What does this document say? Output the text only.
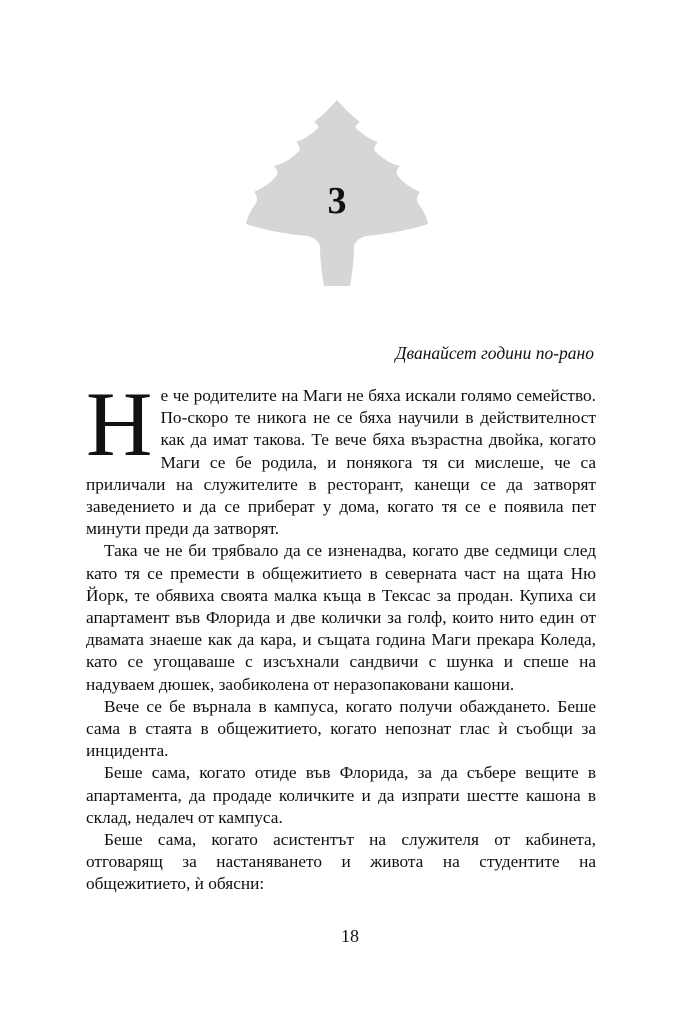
3
Дванайсет години по-рано

Не че родителите на Маги не бяха искали голямо семейство. По-скоро те никога не се бяха научили в действителност как да имат такова. Те вече бяха възрастна двойка, когато Маги се бе родила, и понякога тя си мислеше, че са приличали на служителите в ресторант, канещи се да затворят заведението и да се приберат у дома, когато тя се е появила пет минути преди да затворят.

Така че не би трябвало да се изненадва, когато две седмици след като тя се премести в общежитието в северната част на щата Ню Йорк, те обявиха своята малка къща в Тексас за продан. Купиха си апартамент във Флорида и две колички за голф, които нито един от двамата знаеше как да кара, и същата година Маги прекара Коледа, като се угощаваше с изсъхнали сандвичи с шунка и спеше на надуваем дюшек, заобиколена от неразопаковани кашони.

Вече се бе върнала в кампуса, когато получи обаждането. Беше сама в стаята в общежитието, когато непознат глас ѝ съобщи за инцидента.

Беше сама, когато отиде във Флорида, за да събере вещите в апартамента, да продаде количките и да изпрати шестте кашона в склад, недалеч от кампуса.

Беше сама, когато асистентът на служителя от кабинета, отговарящ за настаняването и живота на студентите на общежитието, ѝ обясни:

18
